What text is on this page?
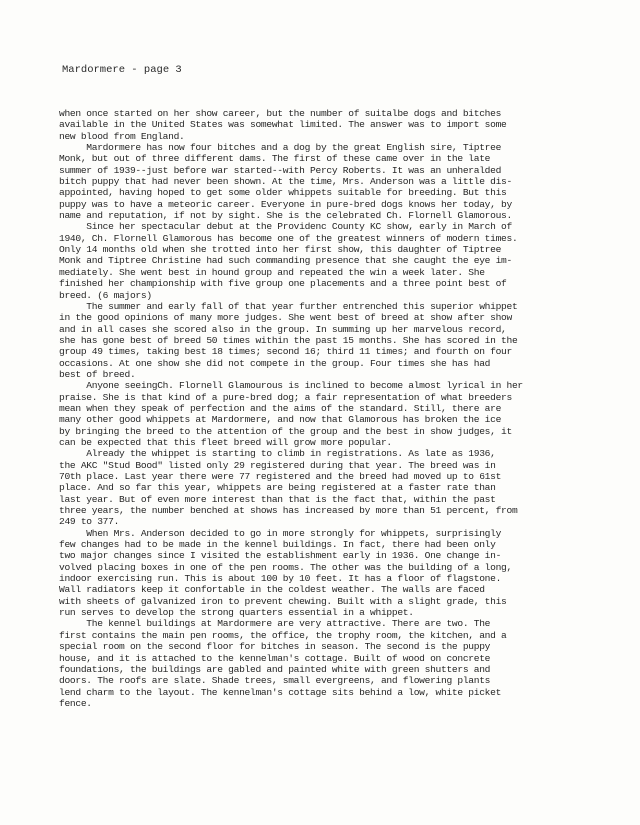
Mardormere - page 3

when once started on her show career, but the number of suitalbe dogs and bitches
available in the United States was somewhat limited. The answer was to import some
new blood from England.
Mardormere has now four bitches and a dog by the great English sire, Tiptree
Monk, but out of three different dams. The first of these came over in the late
summer of 1939--just before war started--with Percy Roberts. It was an unheralded
bitch puppy that had never been shown. At the time, Mrs. Anderson was a little dis-
appointed, having hoped to get some older whippets suitable for breeding. But this
puppy was to have a meteoric career. Everyone in pure-bred dogs knows her today, by
name and reputation, if not by sight. She is the celebrated Ch. Flornell Glamorous.
Since her spectacular debut at the Providenc County KC show, early in March of
1940, Ch. Flornell Glamorous has become one of the greatest winners of modern times.
Only 14 months old when she trotted into her first show, this daughter of Tiptree
Monk and Tiptree Christine had such commanding presence that she caught the eye im-
mediately. She went best in hound group and repeated the win a week later. She
finished her championship with five group one placements and a three point best of
breed. (6 majors)
The summer and early fall of that year further entrenched this superior whippet
in the good opinions of many more judges. She went best of breed at show after show
and in all cases she scored also in the group. In summing up her marvelous record,
she has gone best of breed 50 times within the past 15 months. She has scored in the
group 49 times, taking best 18 times; second 16; third 11 times; and fourth on four
occasions. At one show she did not compete in the group. Four times she has had
best of breed.
Anyone seeingCh. Flornell Glamourous is inclined to become almost lyrical in her
praise. She is that kind of a pure-bred dog; a fair representation of what breeders
mean when they speak of perfection and the aims of the standard. Still, there are
many other good whippets at Mardormere, and now that Glamorous has broken the ice
by bringing the breed to the attention of the group and the best in show judges, it
can be expected that this fleet breed will grow more popular.
Already the whippet is starting to climb in registrations. As late as 1936,
the AKC "Stud Bood" listed only 29 registered during that year. The breed was in
70th place. Last year there were 77 registered and the breed had moved up to 61st
place. And so far this year, whippets are being registered at a faster rate than
last year. But of even more interest than that is the fact that, within the past
three years, the number benched at shows has increased by more than 51 percent, from
249 to 377.
When Mrs. Anderson decided to go in more strongly for whippets, surprisingly
few changes had to be made in the kennel buildings. In fact, there had been only
two major changes since I visited the establishment early in 1936. One change in-
volved placing boxes in one of the pen rooms. The other was the building of a long,
indoor exercising run. This is about 100 by 10 feet. It has a floor of flagstone.
Wall radiators keep it confortable in the coldest weather. The walls are faced
with sheets of galvanized iron to prevent chewing. Built with a slight grade, this
run serves to develop the strong quarters essential in a whippet.
The kennel buildings at Mardormere are very attractive. There are two. The
first contains the main pen rooms, the office, the trophy room, the kitchen, and a
special room on the second floor for bitches in season. The second is the puppy
house, and it is attached to the kennelman's cottage. Built of wood on concrete
foundations, the buildings are gabled and painted white with green shutters and
doors. The roofs are slate. Shade trees, small evergreens, and flowering plants
lend charm to the layout. The kennelman's cottage sits behind a low, white picket
fence.
